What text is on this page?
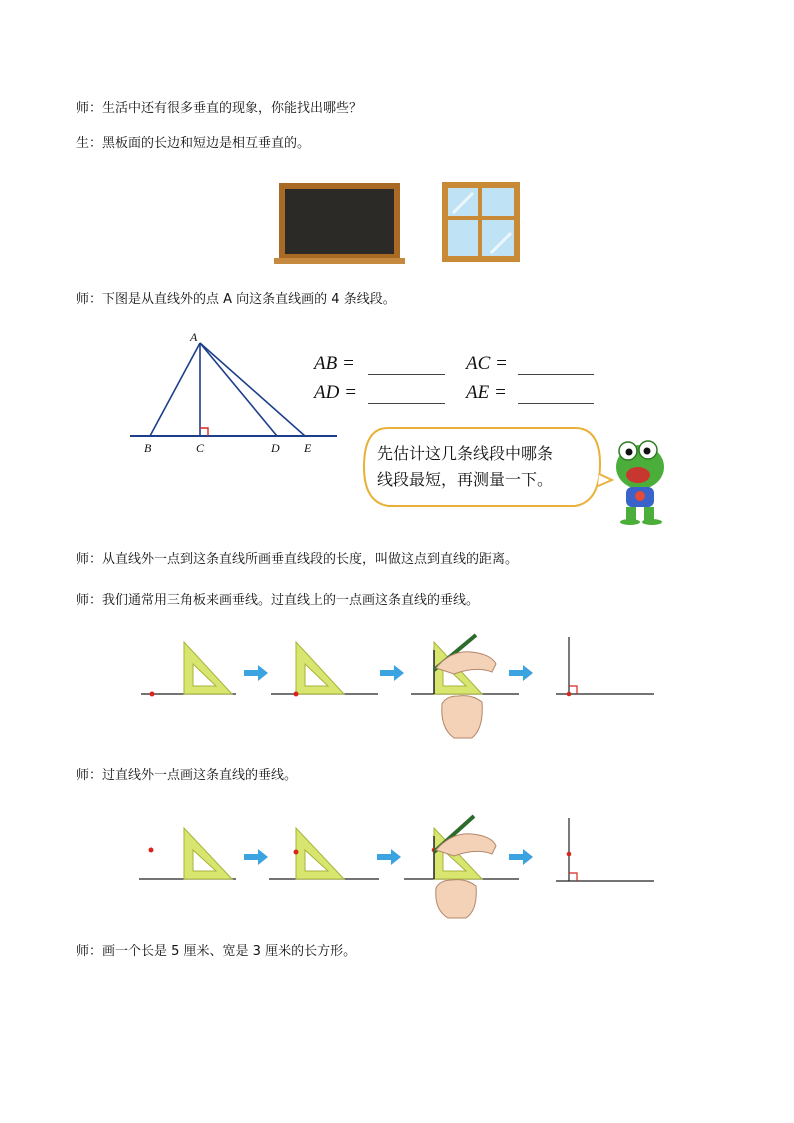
师：生活中还有很多垂直的现象，你能找出哪些？
生：黑板面的长边和短边是相互垂直的。
师：下图是从直线外的点 A 向这条直线画的 4 条线段。
A
B	C	D E
AB =	AC =
AD =	AE =
先估计这几条线段中哪条
线段最短，再测量一下。
师：从直线外一点到这条直线所画垂直线段的长度，叫做这点到直线的距离。
师：我们通常用三角板来画垂线。过直线上的一点画这条直线的垂线。
师：过直线外一点画这条直线的垂线。
师：画一个长是 5 厘米、宽是 3 厘米的长方形。
